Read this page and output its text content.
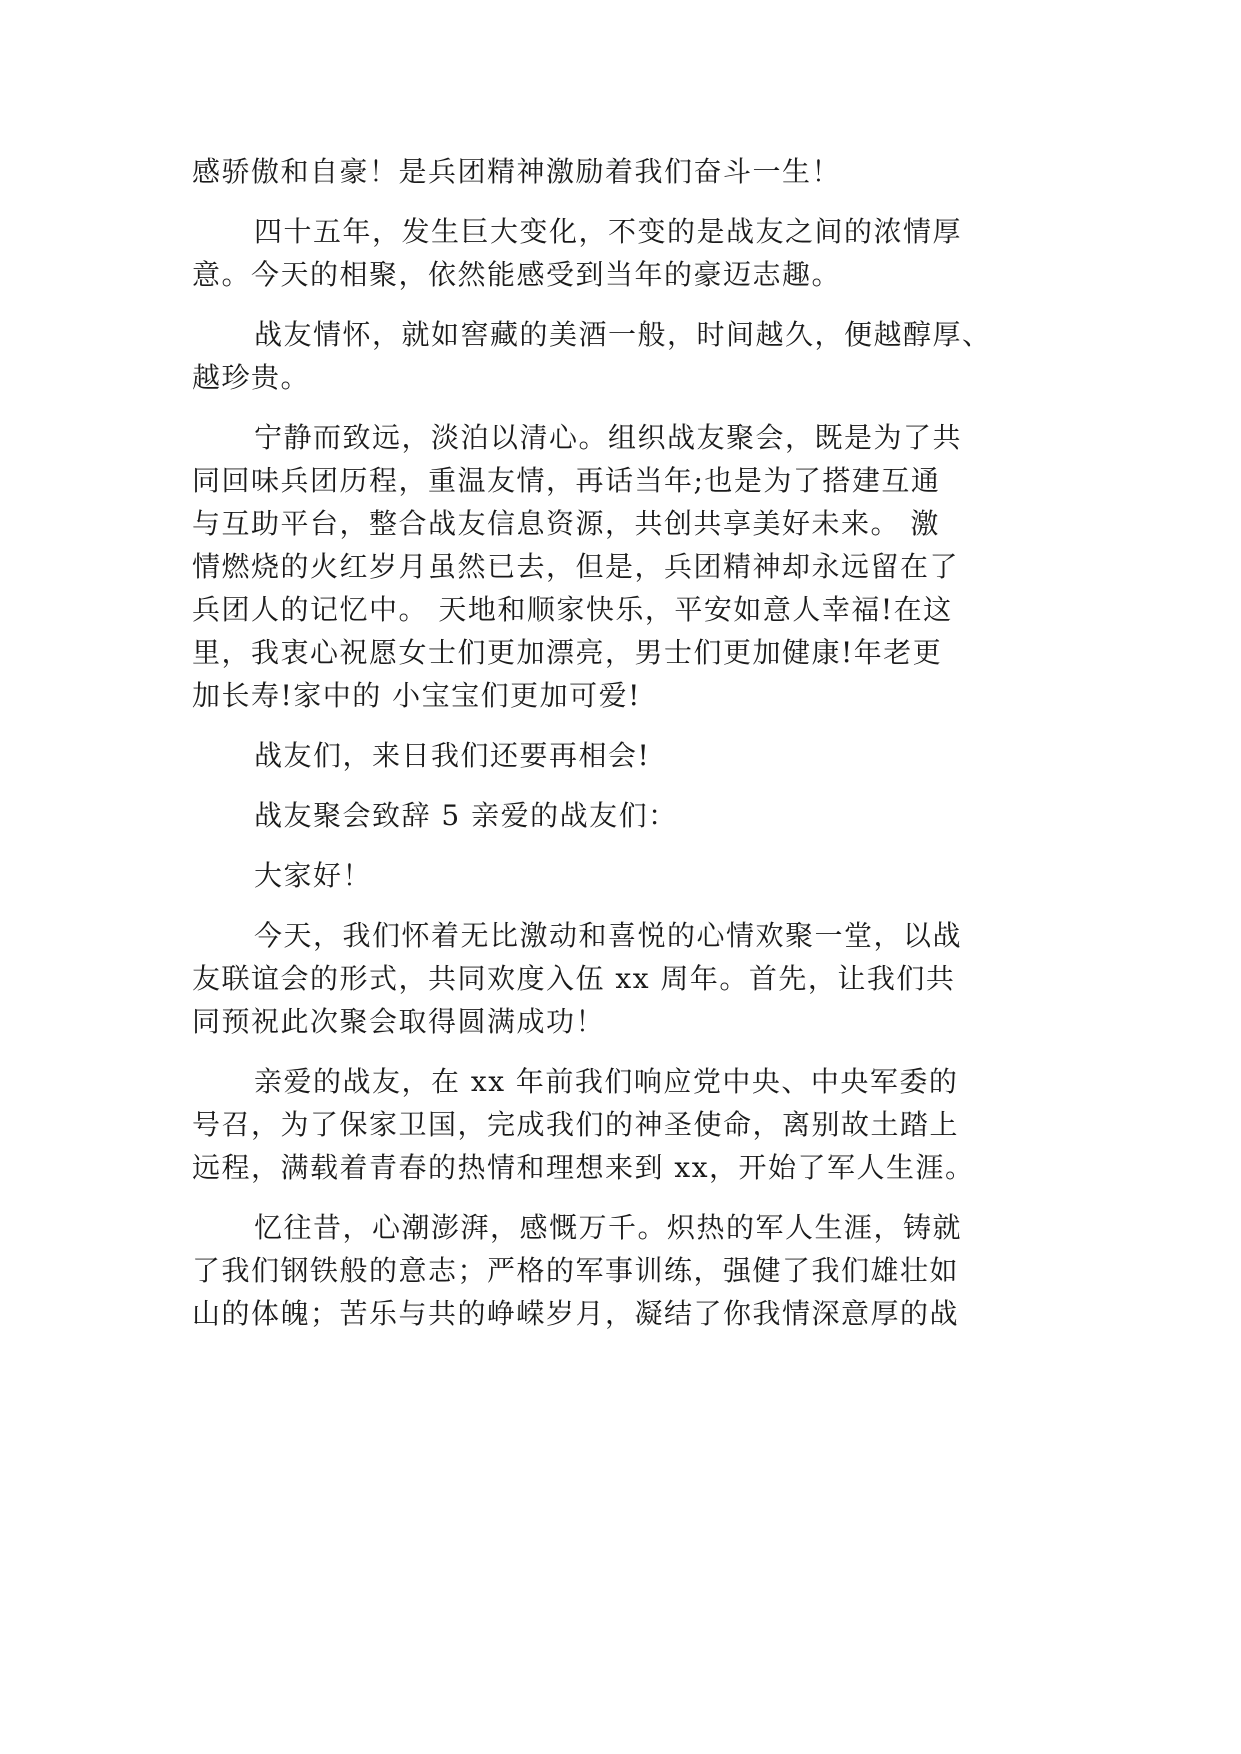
感骄傲和自豪！是兵团精神激励着我们奋斗一生！

四十五年，发生巨大变化，不变的是战友之间的浓情厚

意。今天的相聚，依然能感受到当年的豪迈志趣。

战友情怀，就如窖藏的美酒一般，时间越久，便越醇厚、

越珍贵。

宁静而致远，淡泊以清心。组织战友聚会，既是为了共

同回味兵团历程，重温友情，再话当年;也是为了搭建互通

与互助平台，整合战友信息资源，共创共享美好未来。 激

情燃烧的火红岁月虽然已去，但是，兵团精神却永远留在了

兵团人的记忆中。 天地和顺家快乐，平安如意人幸福!在这

里，我衷心祝愿女士们更加漂亮，男士们更加健康!年老更

加长寿!家中的 小宝宝们更加可爱!

战友们，来日我们还要再相会!

战友聚会致辞 5 亲爱的战友们：

大家好！

今天，我们怀着无比激动和喜悦的心情欢聚一堂，以战

友联谊会的形式，共同欢度入伍 xx 周年。首先，让我们共

同预祝此次聚会取得圆满成功！

亲爱的战友，在 xx 年前我们响应党中央、中央军委的

号召，为了保家卫国，完成我们的神圣使命，离别故土踏上

远程，满载着青春的热情和理想来到 xx，开始了军人生涯。

忆往昔，心潮澎湃，感慨万千。炽热的军人生涯，铸就

了我们钢铁般的意志；严格的军事训练，强健了我们雄壮如

山的体魄；苦乐与共的峥嵘岁月，凝结了你我情深意厚的战
